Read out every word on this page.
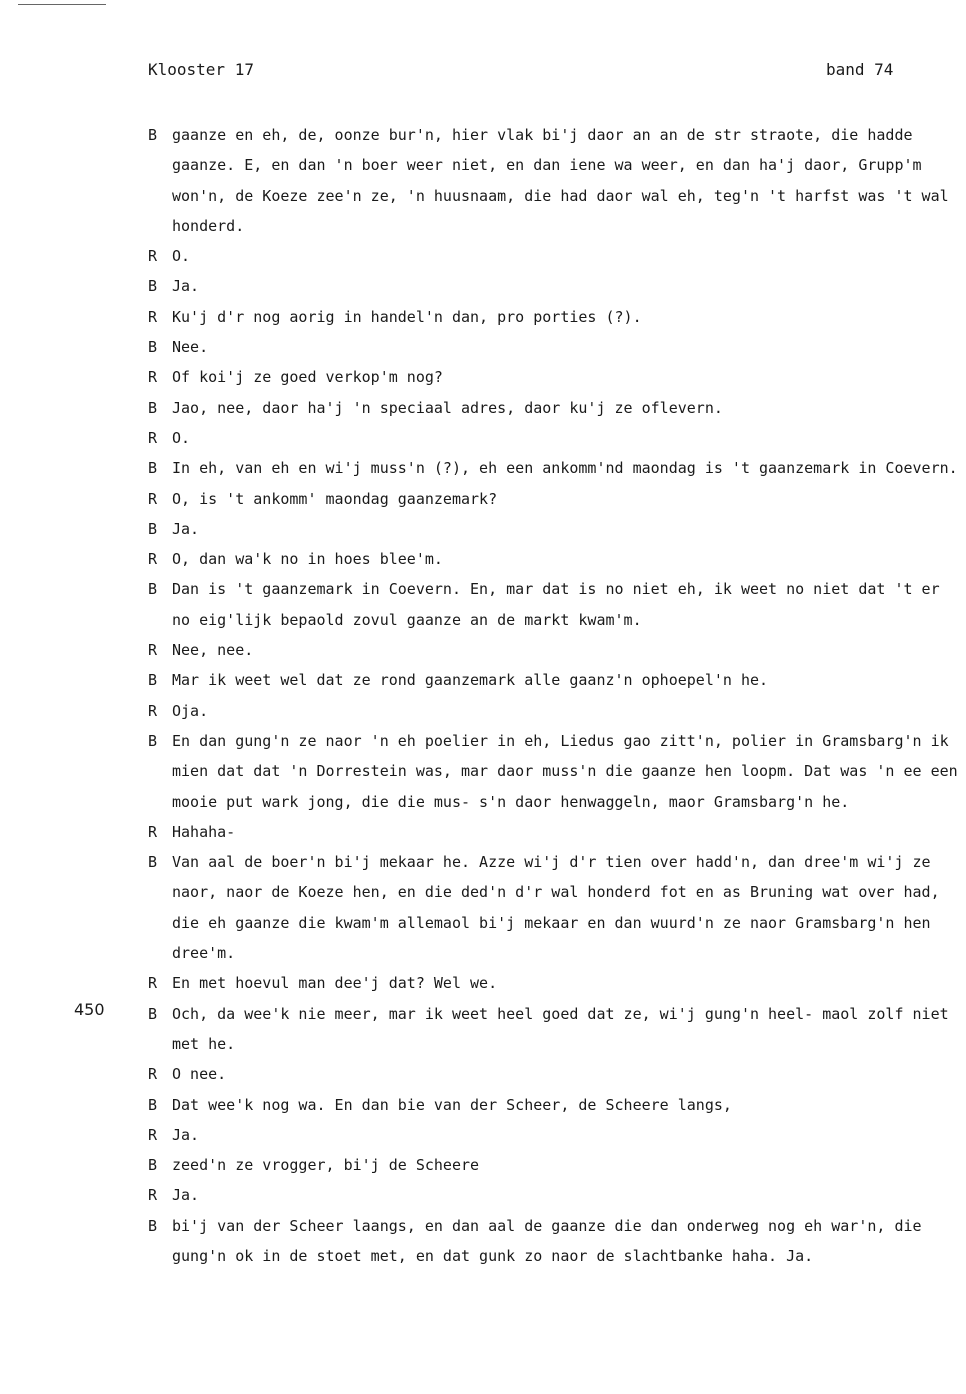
Klooster 17	band 74
450
B gaanze en eh, de, oonze bur'n, hier vlak bi'j daor an an de str straote, die hadde gaanze. E, en dan 'n boer weer niet, en dan iene wa weer, en dan ha'j daor, Grupp'm won'n, de Koeze zee'n ze, 'n huusnaam, die had daor wal eh, teg'n 't harfst was 't wal honderd.
R O.
B Ja.
R Ku'j d'r nog aorig in handel'n dan, pro porties (?).
B Nee.
R Of koi'j ze goed verkop'm nog?
B Jao, nee, daor ha'j 'n speciaal adres, daor ku'j ze oflevern.
R O.
B In eh, van eh en wi'j muss'n (?), eh een ankomm'nd maondag is 't gaanzemark in Coevern.
R O, is 't ankomm' maondag gaanzemark?
B Ja.
R O, dan wa'k no in hoes blee'm.
B Dan is 't gaanzemark in Coevern. En, mar dat is no niet eh, ik weet no niet dat 't er no eig'lijk bepaold zovul gaanze an de markt kwam'm.
R Nee, nee.
B Mar ik weet wel dat ze rond gaanzemark alle gaanz'n ophoepel'n he.
R Oja.
B En dan gung'n ze naor 'n eh poelier in eh, Liedus gao zitt'n, polier in Gramsbarg'n ik mien dat dat 'n Dorrestein was, mar daor muss'n die gaanze hen loopm. Dat was 'n ee een mooie put wark jong, die die mus- s'n daor henwaggeln, maor Gramsbarg'n he.
R Hahaha-
B Van aal de boer'n bi'j mekaar he. Azze wi'j d'r tien over hadd'n, dan dree'm wi'j ze naor, naor de Koeze hen, en die ded'n d'r wal honderd fot en as Bruning wat over had, die eh gaanze die kwam'm allemaol bi'j mekaar en dan wuurd'n ze naor Gramsbarg'n hen dree'm.
R En met hoevul man dee'j dat? Wel we.
B Och, da wee'k nie meer, mar ik weet heel goed dat ze, wi'j gung'n heel- maol zolf niet met he.
R O nee.
B Dat wee'k nog wa. En dan bie van der Scheer, de Scheere langs,
R Ja.
B zeed'n ze vrogger, bi'j de Scheere
R Ja.
B bi'j van der Scheer laangs, en dan aal de gaanze die dan onderweg nog eh war'n, die gung'n ok in de stoet met, en dat gunk zo naor de slachtbanke haha. Ja.
